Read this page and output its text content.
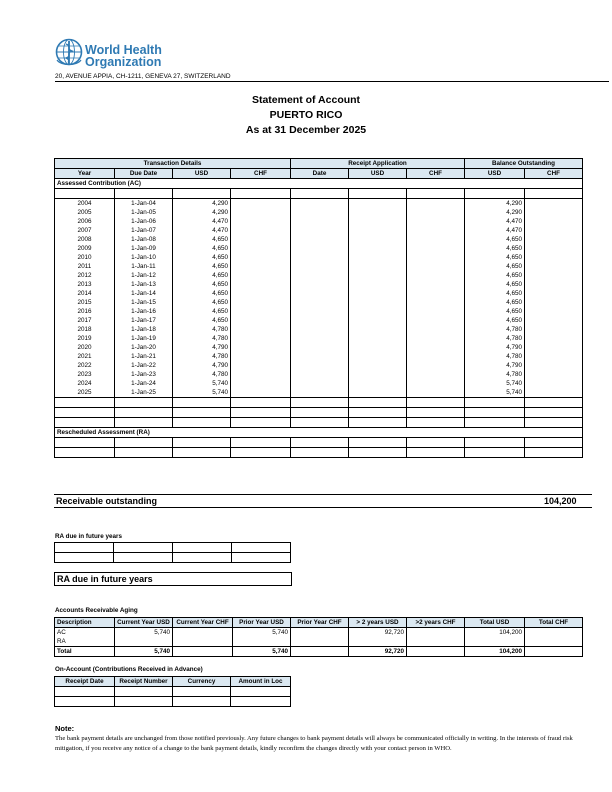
World Health
Organization
20, AVENUE APPIA, CH-1211, GENEVA 27, SWITZERLAND
Statement of Account
PUERTO RICO
As at 31 December 2025
Transaction Details				Receipt Application			Balance Outstanding	
Year	Due Date	USD	CHF	Date	USD	CHF	USD	CHF
Assessed Contribution (AC)								

2004	1-Jan-04	4,290					4,290	
2005	1-Jan-05	4,290					4,290	
2006	1-Jan-06	4,470					4,470	
2007	1-Jan-07	4,470					4,470	
2008	1-Jan-08	4,650					4,650	
2009	1-Jan-09	4,650					4,650	
2010	1-Jan-10	4,650					4,650	
2011	1-Jan-11	4,650					4,650	
2012	1-Jan-12	4,650					4,650	
2013	1-Jan-13	4,650					4,650	
2014	1-Jan-14	4,650					4,650	
2015	1-Jan-15	4,650					4,650	
2016	1-Jan-16	4,650					4,650	
2017	1-Jan-17	4,650					4,650	
2018	1-Jan-18	4,780					4,780	
2019	1-Jan-19	4,780					4,780	
2020	1-Jan-20	4,790					4,790	
2021	1-Jan-21	4,780					4,780	
2022	1-Jan-22	4,790					4,790	
2023	1-Jan-23	4,780					4,780	
2024	1-Jan-24	5,740					5,740	
2025	1-Jan-25	5,740					5,740	

Rescheduled Assessment (RA)								

Receivable outstanding	104,200
RA due in future years

RA due in future years
Accounts Receivable Aging
Description	Current Year USD	Current Year CHF	Prior Year USD	Prior Year CHF	> 2 years USD	>2 years CHF	Total USD	Total CHF
AC	5,740		5,740		92,720		104,200	
RA								
Total	5,740		5,740		92,720		104,200	
On-Account (Contributions Received in Advance)
Receipt Date	Receipt Number	Currency	Amount in Loc

Note:
The bank payment details are unchanged from those notified previously. Any future changes to bank payment details will always be communicated officially in writing. In the interests of fraud risk mitigation, if you receive any notice of a change to the bank payment details, kindly reconfirm the changes directly with your contact person in WHO.
